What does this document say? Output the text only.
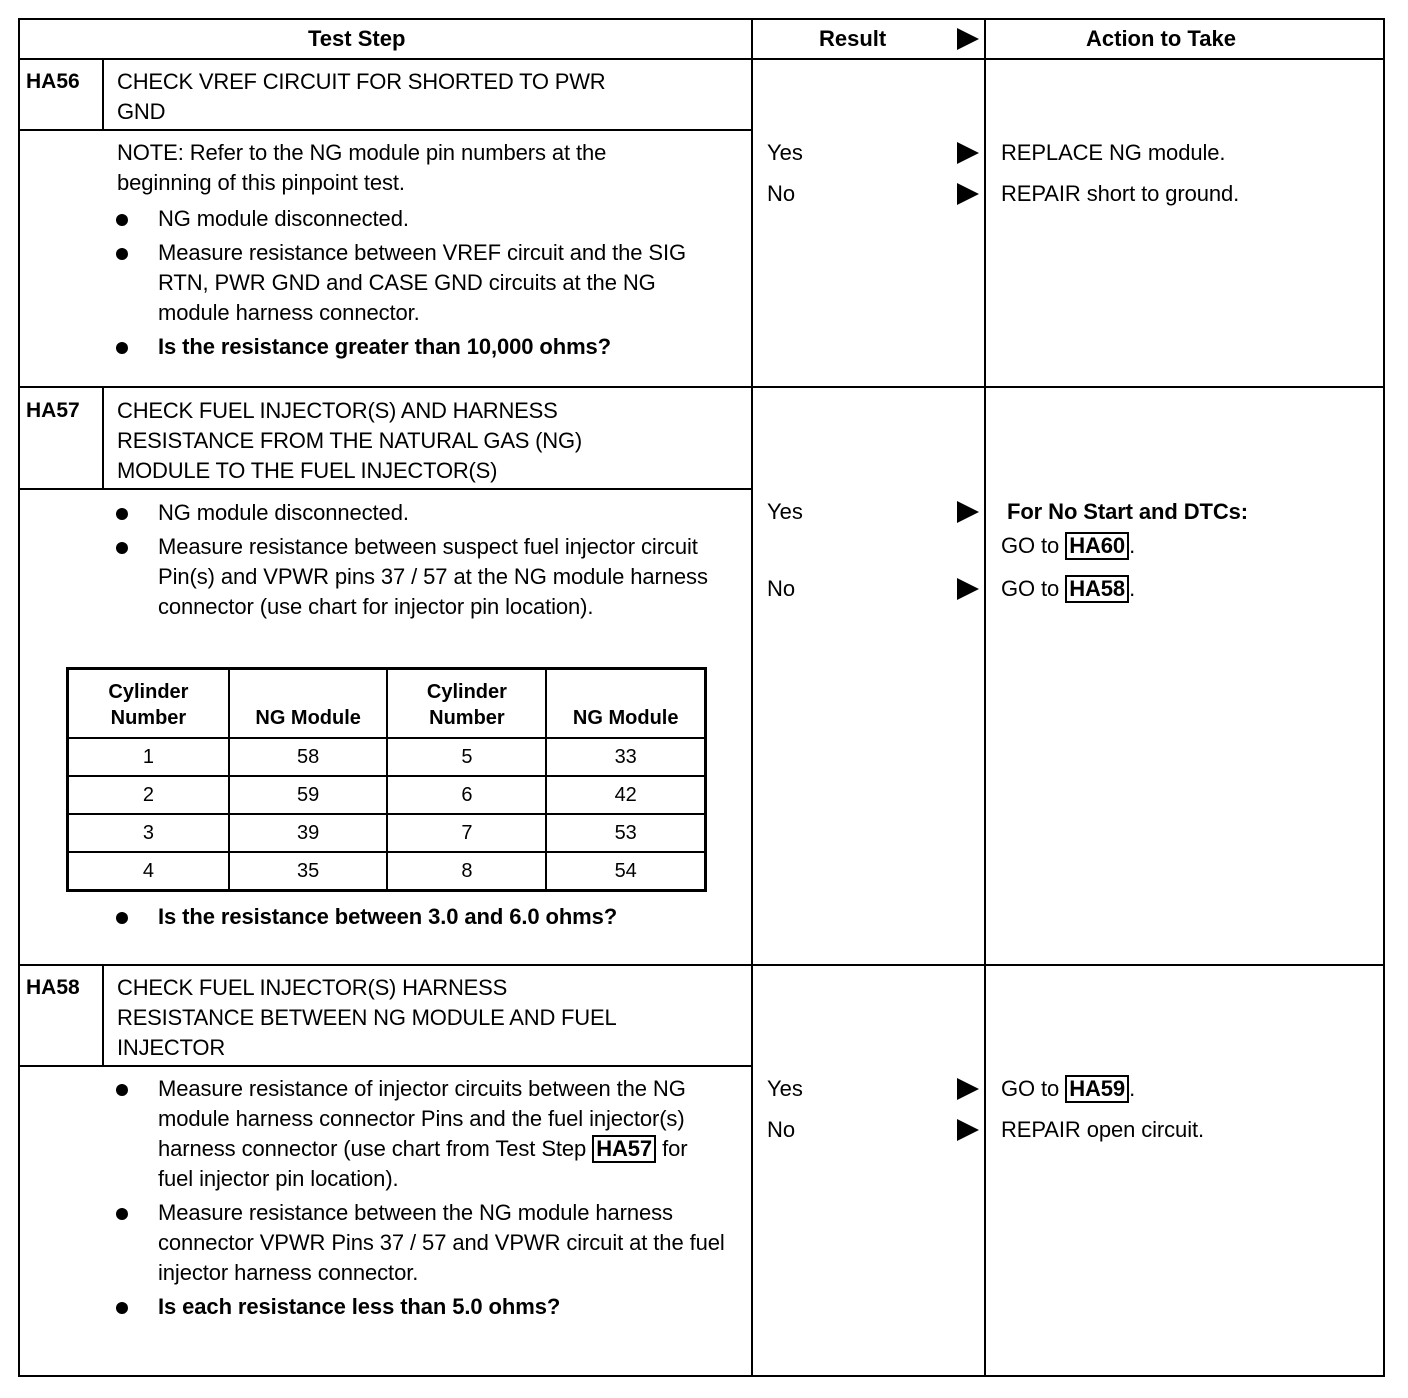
Test Step	Result	Action to Take
HA56 CHECK VREF CIRCUIT FOR SHORTED TO PWR
GND
NOTE: Refer to the NG module pin numbers at the
beginning of this pinpoint test.
NG module disconnected.
Measure resistance between VREF circuit and the SIG RTN, PWR GND and CASE GND circuits at the NG module harness connector.
Is the resistance greater than 10,000 ohms?
Yes	REPLACE NG module.
No	REPAIR short to ground.
HA57 CHECK FUEL INJECTOR(S) AND HARNESS
RESISTANCE FROM THE NATURAL GAS (NG)
MODULE TO THE FUEL INJECTOR(S)
NG module disconnected.
Measure resistance between suspect fuel injector circuit Pin(s) and VPWR pins 37 / 57 at the NG module harness connector (use chart for injector pin location).
Cylinder Number	NG Module	Cylinder Number	NG Module
1	58	5	33
2	59	6	42
3	39	7	53
4	35	8	54
Is the resistance between 3.0 and 6.0 ohms?
Yes	For No Start and DTCs:
GO to HA60 .
No	GO to HA58 .
HA58 CHECK FUEL INJECTOR(S) HARNESS
RESISTANCE BETWEEN NG MODULE AND FUEL
INJECTOR
Measure resistance of injector circuits between the NG module harness connector Pins and the fuel injector(s) harness connector (use chart from Test Step HA57 for fuel injector pin location).
Measure resistance between the NG module harness connector VPWR Pins 37 / 57 and VPWR circuit at the fuel injector harness connector.
Is each resistance less than 5.0 ohms?
Yes	GO to HA59 .
No	REPAIR open circuit.
